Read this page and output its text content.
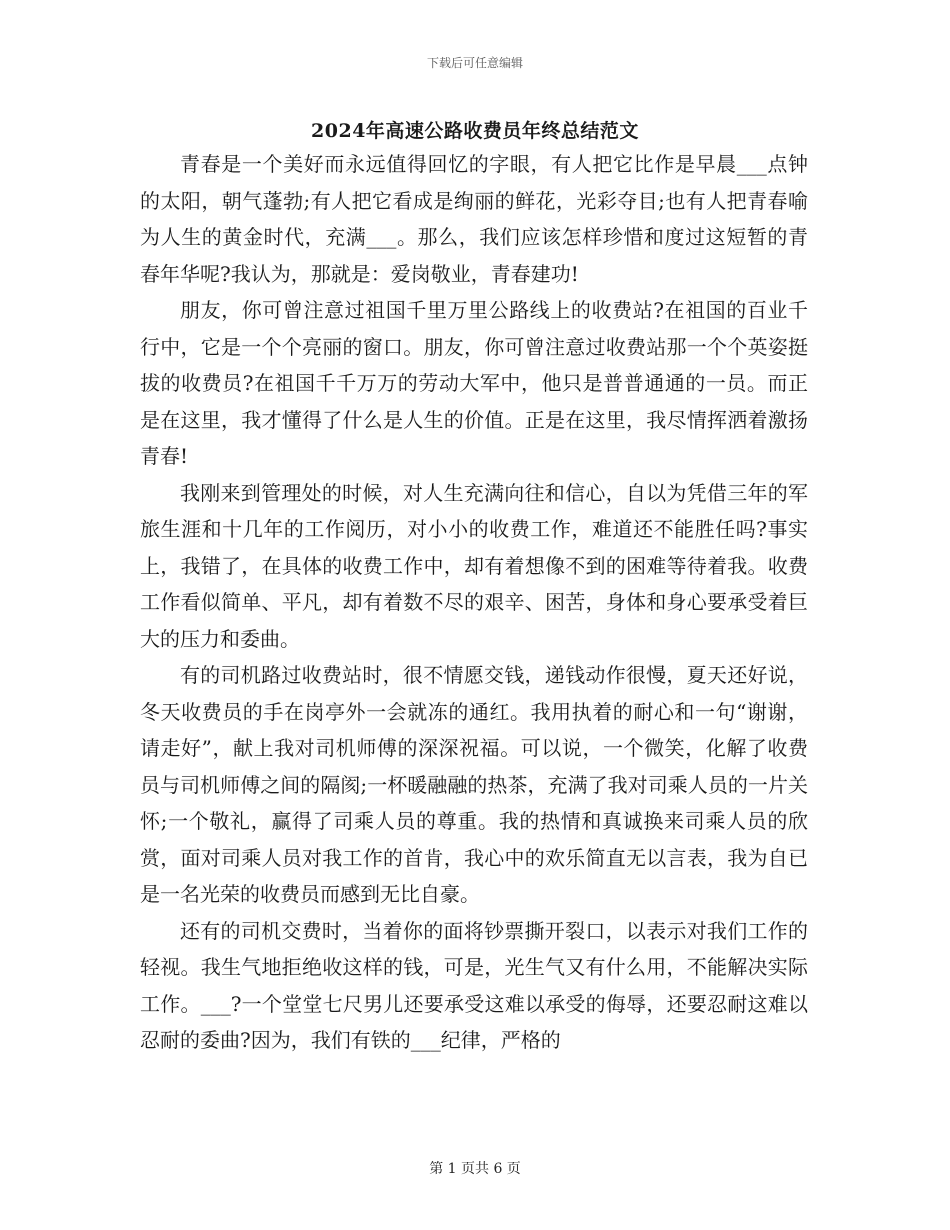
下载后可任意编辑
2024年高速公路收费员年终总结范文

青春是一个美好而永远值得回忆的字眼，有人把它比作是早晨___点钟的太阳，朝气蓬勃;有人把它看成是绚丽的鲜花，光彩夺目;也有人把青春喻为人生的黄金时代，充满___。那么，我们应该怎样珍惜和度过这短暂的青春年华呢?我认为，那就是：爱岗敬业，青春建功!

朋友，你可曾注意过祖国千里万里公路线上的收费站?在祖国的百业千行中，它是一个个亮丽的窗口。朋友，你可曾注意过收费站那一个个英姿挺拔的收费员?在祖国千千万万的劳动大军中，他只是普普通通的一员。而正是在这里，我才懂得了什么是人生的价值。正是在这里，我尽情挥洒着激扬青春!

我刚来到管理处的时候，对人生充满向往和信心，自以为凭借三年的军旅生涯和十几年的工作阅历，对小小的收费工作，难道还不能胜任吗?事实上，我错了，在具体的收费工作中，却有着想像不到的困难等待着我。收费工作看似简单、平凡，却有着数不尽的艰辛、困苦，身体和身心要承受着巨大的压力和委曲。

有的司机路过收费站时，很不情愿交钱，递钱动作很慢，夏天还好说，冬天收费员的手在岗亭外一会就冻的通红。我用执着的耐心和一句“谢谢，请走好”，献上我对司机师傅的深深祝福。可以说，一个微笑，化解了收费员与司机师傅之间的隔阂;一杯暖融融的热茶，充满了我对司乘人员的一片关怀;一个敬礼，赢得了司乘人员的尊重。我的热情和真诚换来司乘人员的欣赏，面对司乘人员对我工作的首肯，我心中的欢乐简直无以言表，我为自已是一名光荣的收费员而感到无比自豪。

还有的司机交费时，当着你的面将钞票撕开裂口，以表示对我们工作的轻视。我生气地拒绝收这样的钱，可是，光生气又有什么用，不能解决实际工作。___?一个堂堂七尺男儿还要承受这难以承受的侮辱，还要忍耐这难以忍耐的委曲?因为，我们有铁的___纪律，严格的

第 1 页共 6 页
